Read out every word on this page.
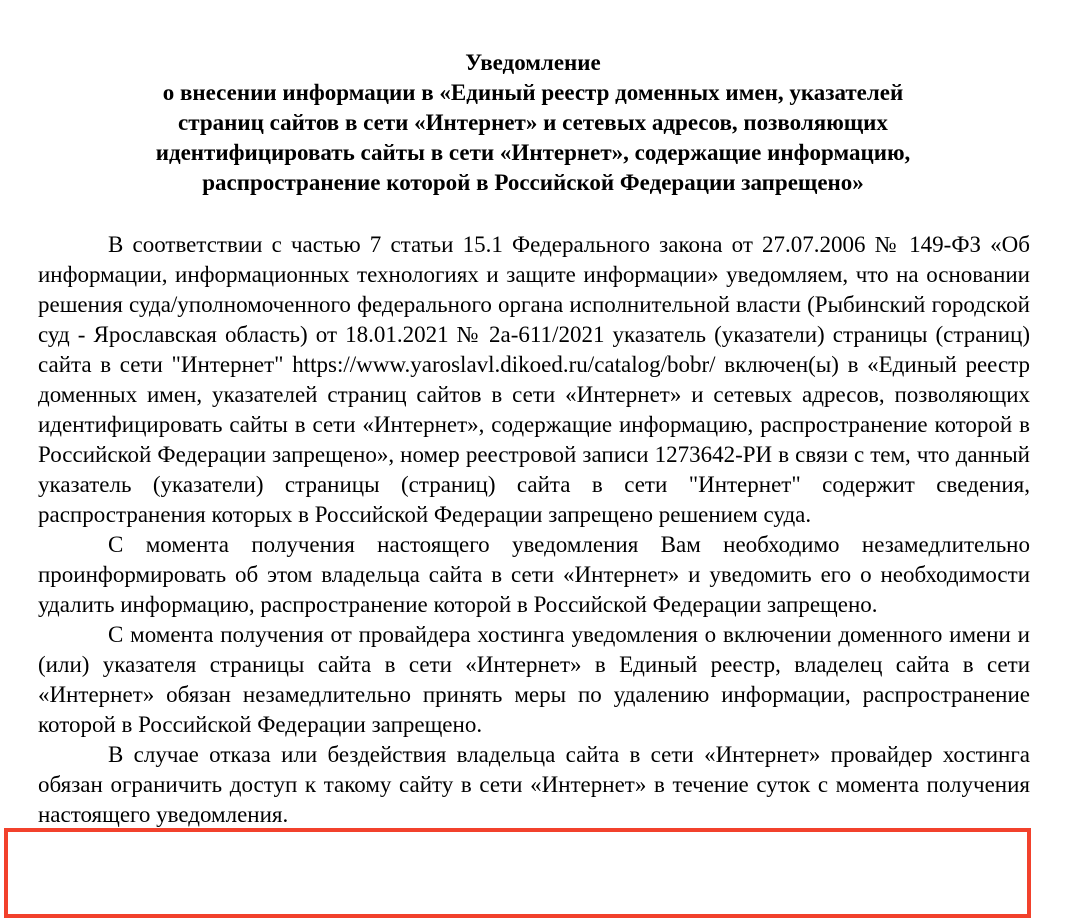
Уведомление
о внесении информации в «Единый реестр доменных имен, указателей
страниц сайтов в сети «Интернет» и сетевых адресов, позволяющих
идентифицировать сайты в сети «Интернет», содержащие информацию,
распространение которой в Российской Федерации запрещено»

В соответствии с частью 7 статьи 15.1 Федерального закона от 27.07.2006 № 149-ФЗ «Об информации, информационных технологиях и защите информации» уведомляем, что на основании решения суда/уполномоченного федерального органа исполнительной власти (Рыбинский городской суд - Ярославская область) от 18.01.2021 № 2а-611/2021 указатель (указатели) страницы (страниц) сайта в сети "Интернет" https://www.yaroslavl.dikoed.ru/catalog/bobr/ включен(ы) в «Единый реестр доменных имен, указателей страниц сайтов в сети «Интернет» и сетевых адресов, позволяющих идентифицировать сайты в сети «Интернет», содержащие информацию, распространение которой в Российской Федерации запрещено», номер реестровой записи 1273642-РИ в связи с тем, что данный указатель (указатели) страницы (страниц) сайта в сети "Интернет" содержит сведения, распространения которых в Российской Федерации запрещено решением суда.

С момента получения настоящего уведомления Вам необходимо незамедлительно проинформировать об этом владельца сайта в сети «Интернет» и уведомить его о необходимости удалить информацию, распространение которой в Российской Федерации запрещено.

С момента получения от провайдера хостинга уведомления о включении доменного имени и (или) указателя страницы сайта в сети «Интернет» в Единый реестр, владелец сайта в сети «Интернет» обязан незамедлительно принять меры по удалению информации, распространение которой в Российской Федерации запрещено.

В случае отказа или бездействия владельца сайта в сети «Интернет» провайдер хостинга обязан ограничить доступ к такому сайту в сети «Интернет» в течение суток с момента получения настоящего уведомления.
